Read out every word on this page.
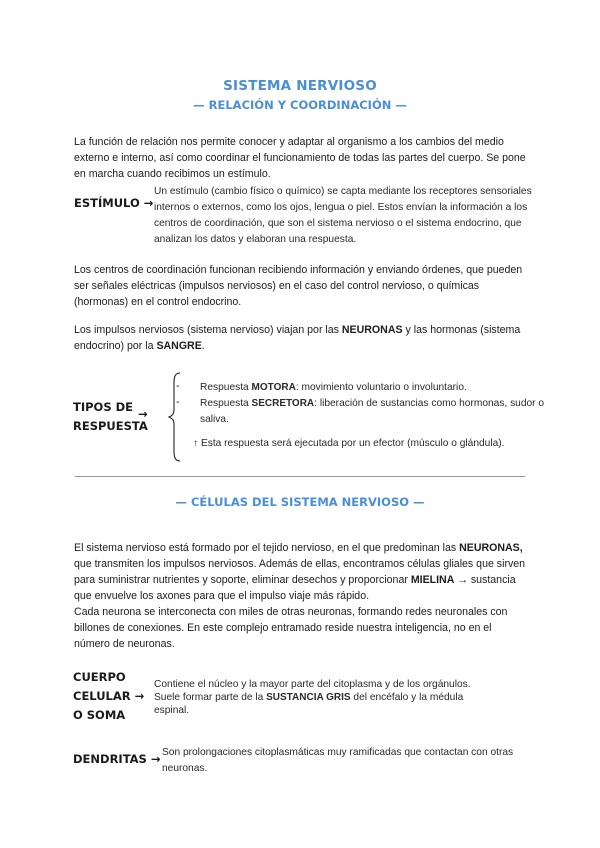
SISTEMA NERVIOSO
— RELACIÓN Y COORDINACIÓN —
La función de relación nos permite conocer y adaptar al organismo a los cambios del medio externo e interno, así como coordinar el funcionamiento de todas las partes del cuerpo. Se pone en marcha cuando recibimos un estímulo.
ESTÍMULO →
Un estímulo (cambio físico o químico) se capta mediante los receptores sensoriales internos o externos, como los ojos, lengua o piel. Estos envían la información a los centros de coordinación, que son el sistema nervioso o el sistema endocrino, que analizan los datos y elaboran una respuesta.
Los centros de coordinación funcionan recibiendo información y enviando órdenes, que pueden ser señales eléctricas (impulsos nerviosos) en el caso del control nervioso, o químicas (hormonas) en el control endocrino.
Los impulsos nerviosos (sistema nervioso) viajan por las NEURONAS y las hormonas (sistema endocrino) por la SANGRE.
TIPOS DE
RESPUESTA
→
-
-
Respuesta MOTORA: movimiento voluntario o involuntario.
Respuesta SECRETORA: liberación de sustancias como hormonas, sudor o saliva.
↑ Esta respuesta será ejecutada por un efector (músculo o glándula).
— CÉLULAS DEL SISTEMA NERVIOSO —
El sistema nervioso está formado por el tejido nervioso, en el que predominan las NEURONAS, que transmiten los impulsos nerviosos. Además de ellas, encontramos células gliales que sirven para suministrar nutrientes y soporte, eliminar desechos y proporcionar MIELINA → sustancia que envuelve los axones para que el impulso viaje más rápido.
Cada neurona se interconecta con miles de otras neuronas, formando redes neuronales con billones de conexiones. En este complejo entramado reside nuestra inteligencia, no en el número de neuronas.
CUERPO
CELULAR →
O SOMA
Contiene el núcleo y la mayor parte del citoplasma y de los orgánulos.
Suele formar parte de la SUSTANCIA GRIS del encéfalo y la médula espinal.
DENDRITAS → Son prolongaciones citoplasmáticas muy ramificadas que contactan con otras neuronas.
